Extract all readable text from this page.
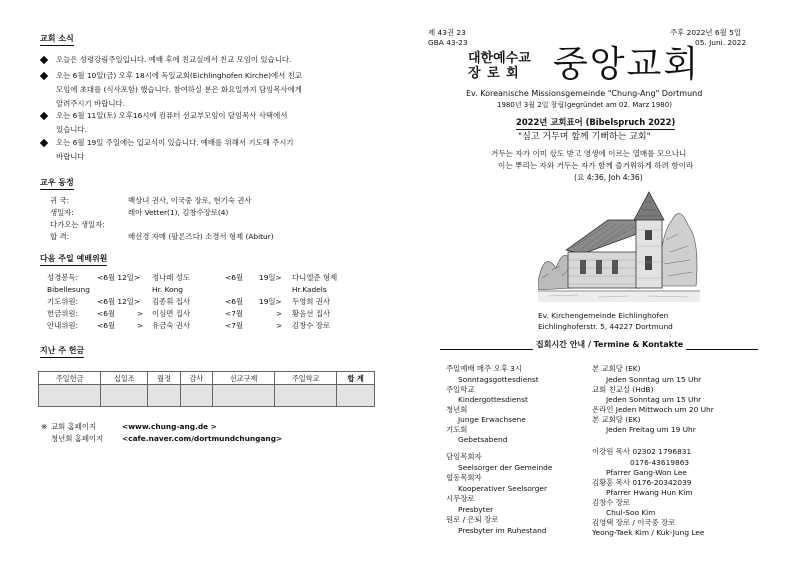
교회 소식
오늘은 성령강림주일입니다. 예배 후에 친교실에서 친교 모임이 있습니다.
오는 6월 10일(금) 오후 18시에 독일교회(Eichlinghofen Kirche)에서 친교
모임에 초대를 (식사포함) 했습니다. 참여하실 분은 화요일까지 담임목사에게
알려주시기 바랍니다.
오는 6월 11일(토) 오후16시에 컴퓨터 선교부모임이 담임목사 사택에서
있습니다.
오는 6월 19일 주일에는 입교식이 있습니다. 예배를 위해서 기도해 주시기
바랍니다
교우 동정
귀 국:	백상녀 권사, 이국중 장로, 현기숙 권사
생일자:	레아 Vetter(1), 김창수장로(4)
다가오는 생일자:
합 격:	배선경 자매 (팔론즈다) 소경서 형제 (Abitur)
다음 주일 예배위원
성경봉독:	<6월 12일> 정나래 성도	<6월 19일> 다니엘준 형제
Bibellesung	Hr. Kong	Hr.Kadels
기도위원:	<6월 12일> 김종휘 집사	<6월 19일> 두영희 권사
헌금위원:	<6월	> 이심면 집사	<7월	> 황음선 집사
안내위원:	<6월	> 유금숙 권사	<7월	> 김창수 장로
지난 주 헌금
주일헌금	십일조	월정	감사	선교구제	주일학교	합 계

※ 교회 홈페이지	<www.chung-ang.de >
청년회 홈페이지	<cafe.naver.com/dortmundchungang>
제 43권 23
GBA 43-23
주후 2022년 6월 5일
05. Juni. 2022
대한예수교
장 로 회 중앙교회
Ev. Koreanische Missionsgemeinde "Chung-Ang" Dortmund
1980년 3월 2일 창립(gegründet am 02. Marz 1980)
2022년 교회표어 (Bibelspruch 2022)
"심고 거두며 함께 기뻐하는 교회"
거두는 자가 이미 삯도 받고 영생에 이르는 열매를 모으나니
이는 뿌리는 자와 거두는 자가 함께 즐거워하게 하려 함이라
(요 4:36, Joh 4:36)
Ev. Kirchengemeinde Eichlinghofen
Eichlinghoferstr. 5, 44227 Dortmund
집회시간 안내 / Termine & Kontakte
주일예배 매주 오후 3시
Sonntagsgottesdienst
주일학교
Kindergottesdienst
청년회
Junge Erwachsene
기도회
Gebetsabend
담임목회자
Seelsorger der Gemeinde
협동목회자
Kooperativer Seelsorger
시무장로
Presbyter
원로 / 은퇴 장로
Presbyter im Ruhestand
본 교회당 (EK)
Jeden Sonntag um 15 Uhr
교회 친교실 (HdB)
Jeden Sonntag um 15 Uhr
온라인 Jeden Mittwoch um 20 Uhr
본 교회당 (EK)
Jeden Freitag um 19 Uhr
이강원 목사 02302 1796831
0176-43619863
Pfarrer Gang-Won Lee
김황훈 목사 0176-20342039
Pfarrer Hwang Hun Kim
김창수 장로
Chul-Soo Kim
김영택 장로 / 이국중 장로
Yeong-Taek Kim / Kuk-Jung Lee
